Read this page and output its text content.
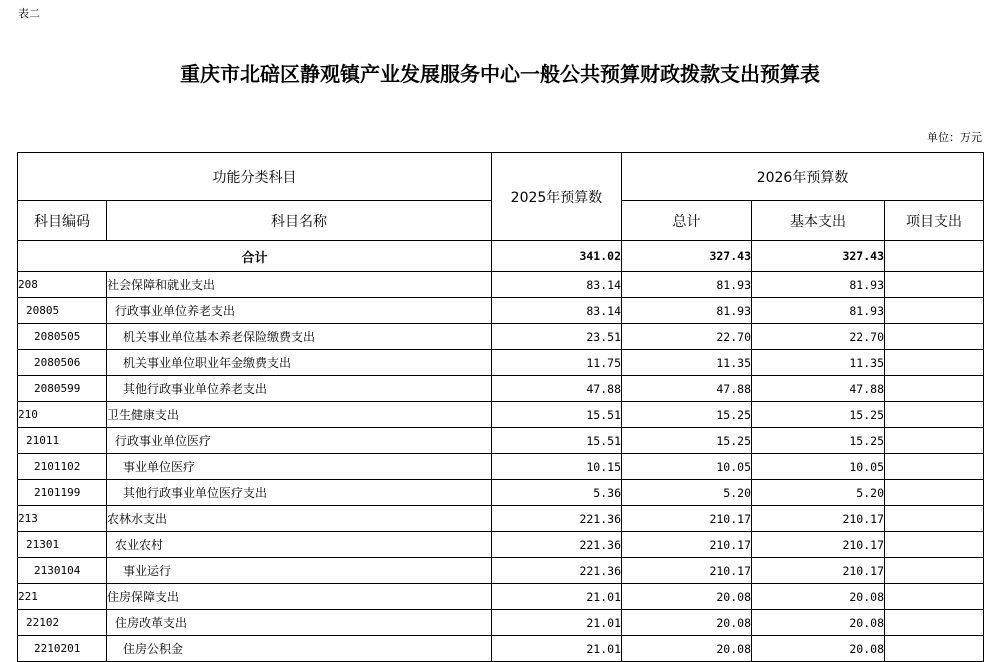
表二
重庆市北碚区静观镇产业发展服务中心一般公共预算财政拨款支出预算表
单位：万元
功能分类科目		2025年预算数	2026年预算数		
科目编码	科目名称		总计	基本支出	项目支出
合计		341.02	327.43	327.43	
208	社会保障和就业支出	83.14	81.93	81.93	
20805	行政事业单位养老支出	83.14	81.93	81.93	
2080505	机关事业单位基本养老保险缴费支出	23.51	22.70	22.70	
2080506	机关事业单位职业年金缴费支出	11.75	11.35	11.35	
2080599	其他行政事业单位养老支出	47.88	47.88	47.88	
210	卫生健康支出	15.51	15.25	15.25	
21011	行政事业单位医疗	15.51	15.25	15.25	
2101102	事业单位医疗	10.15	10.05	10.05	
2101199	其他行政事业单位医疗支出	5.36	5.20	5.20	
213	农林水支出	221.36	210.17	210.17	
21301	农业农村	221.36	210.17	210.17	
2130104	事业运行	221.36	210.17	210.17	
221	住房保障支出	21.01	20.08	20.08	
22102	住房改革支出	21.01	20.08	20.08	
2210201	住房公积金	21.01	20.08	20.08	
